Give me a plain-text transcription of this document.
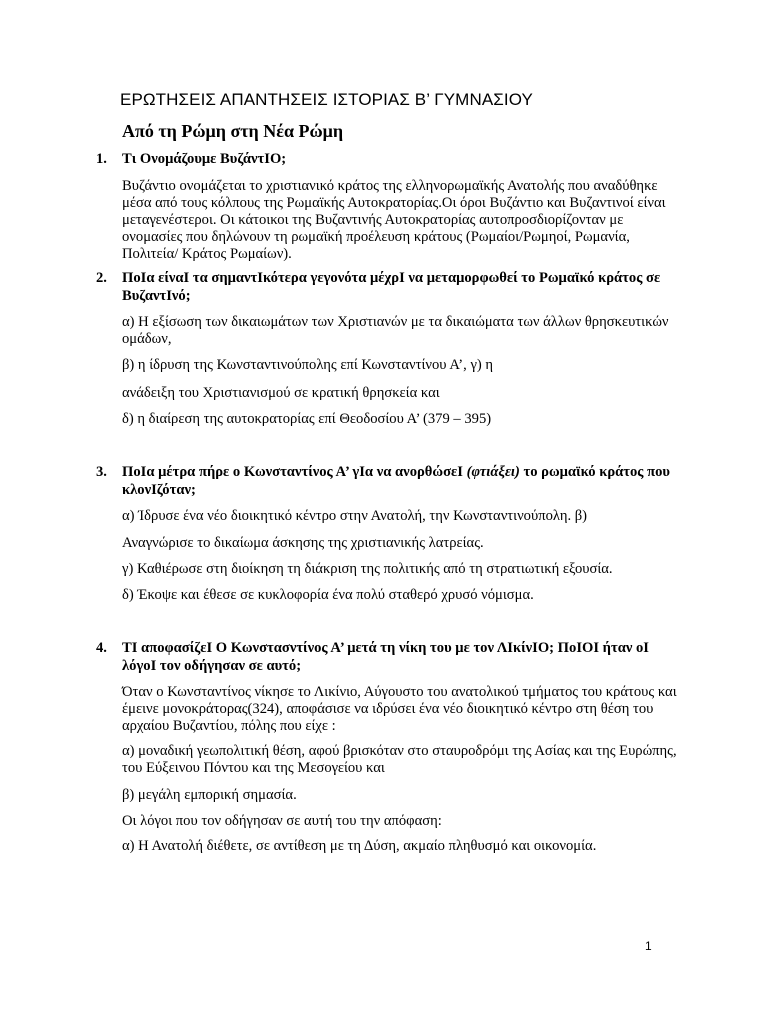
ΕΡΩΤΗΣΕΙΣ ΑΠΑΝΤΗΣΕΙΣ ΙΣΤΟΡΙΑΣ Β’ ΓΥΜΝΑΣΙΟΥ
Από τη Ρώμη στη Νέα Ρώμη
1. Tι Ονομάζουμε ΒυζάντΙΟ;
Βυζάντιο ονομάζεται το χριστιανικό κράτος της ελληνορωμαϊκής Ανατολής που αναδύθηκε μέσα από τους κόλπους της Ρωμαϊκής Αυτοκρατορίας.Οι όροι Βυζάντιο και Βυζαντινοί είναι μεταγενέστεροι. Οι κάτοικοι της Βυζαντινής Αυτοκρατορίας αυτοπροσδιορίζονταν με ονομασίες που δηλώνουν τη ρωμαϊκή προέλευση κράτους (Ρωμαίοι/Ρωμηοί, Ρωμανία, Πολιτεία/ Κράτος Ρωμαίων).
2. ΠοΙα είναΙ τα σημαντΙκότερα γεγονότα μέχρΙ να μεταμορφωθεί το Ρωμαϊκό κράτος σε ΒυζαντΙνό;
α) Η εξίσωση των δικαιωμάτων των Χριστιανών με τα δικαιώματα των άλλων θρησκευτικών ομάδων,
β) η ίδρυση της Κωνσταντινούπολης επί Κωνσταντίνου Α’, γ) η
ανάδειξη του Χριστιανισμού σε κρατική θρησκεία και
δ) η διαίρεση της αυτοκρατορίας επί Θεοδοσίου Α’ (379 – 395)
3. ΠοΙα μέτρα πήρε ο Κωνσταντίνος Α’ γΙα να ανορθώσεΙ (φτιάξει) το ρωμαϊκό κράτος που κλονΙζόταν;
α) Ίδρυσε ένα νέο διοικητικό κέντρο στην Ανατολή, την Κωνσταντινούπολη. β)
Αναγνώρισε το δικαίωμα άσκησης της χριστιανικής λατρείας.
γ) Καθιέρωσε στη διοίκηση τη διάκριση της πολιτικής από τη στρατιωτική εξουσία.
δ) Έκοψε και έθεσε σε κυκλοφορία ένα πολύ σταθερό χρυσό νόμισμα.
4. ΤΙ αποφασίζεΙ Ο Κωνστασντίνος Α’ μετά τη νίκη του με τον ΛΙκίνΙΟ; ΠοΙΟΙ ήταν οΙ λόγοΙ τον οδήγησαν σε αυτό;
Όταν ο Κωνσταντίνος νίκησε το Λικίνιο, Αύγουστο του ανατολικού τμήματος του κράτους και έμεινε μονοκράτορας(324), αποφάσισε να ιδρύσει ένα νέο διοικητικό κέντρο στη θέση του αρχαίου Βυζαντίου, πόλης που είχε :
α) μοναδική γεωπολιτική θέση, αφού βρισκόταν στο σταυροδρόμι της Ασίας και της Ευρώπης, του Εύξεινου Πόντου και της Μεσογείου και
β) μεγάλη εμπορική σημασία.
Οι λόγοι που τον οδήγησαν σε αυτή του την απόφαση:
α) Η Ανατολή διέθετε, σε αντίθεση με τη Δύση, ακμαίο πληθυσμό και οικονομία.
1
